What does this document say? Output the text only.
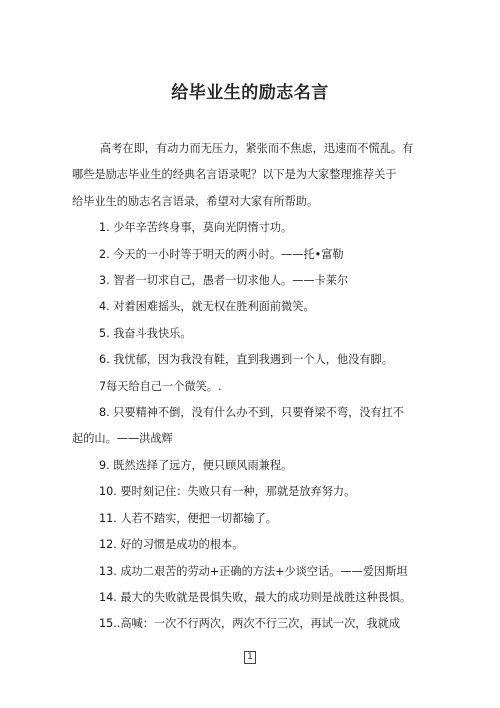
给毕业生的励志名言

高考在即，有动力而无压力，紧张而不焦虑，迅速而不慌乱。有

哪些是励志毕业生的经典名言语录呢？以下是为大家整理推荐关于

给毕业生的励志名言语录，希望对大家有所帮助。

1. 少年辛苦终身事，莫向光阴惰寸功。

2. 今天的一小时等于明天的两小时。——托•富勒

3. 智者一切求自己，愚者一切求他人。——卡莱尔

4. 对着困难摇头，就无权在胜利面前微笑。

5. 我奋斗我快乐。

6. 我忧郁，因为我没有鞋，直到我遇到一个人，他没有脚。

7每天给自己一个微笑。.

8. 只要精神不倒，没有什么办不到，只要脊梁不弯，没有扛不

起的山。——洪战辉

9. 既然选择了远方，便只顾风雨兼程。

10. 要时刻记住：失败只有一种，那就是放弃努力。

11. 人若不踏实，便把一切都输了。

12. 好的习惯是成功的根本。

13. 成功二艰苦的劳动+正确的方法+少谈空话。——爱因斯坦

14. 最大的失败就是畏惧失败，最大的成功则是战胜这种畏惧。

15..高喊：一次不行两次，两次不行三次，再试一次，我就成

1
